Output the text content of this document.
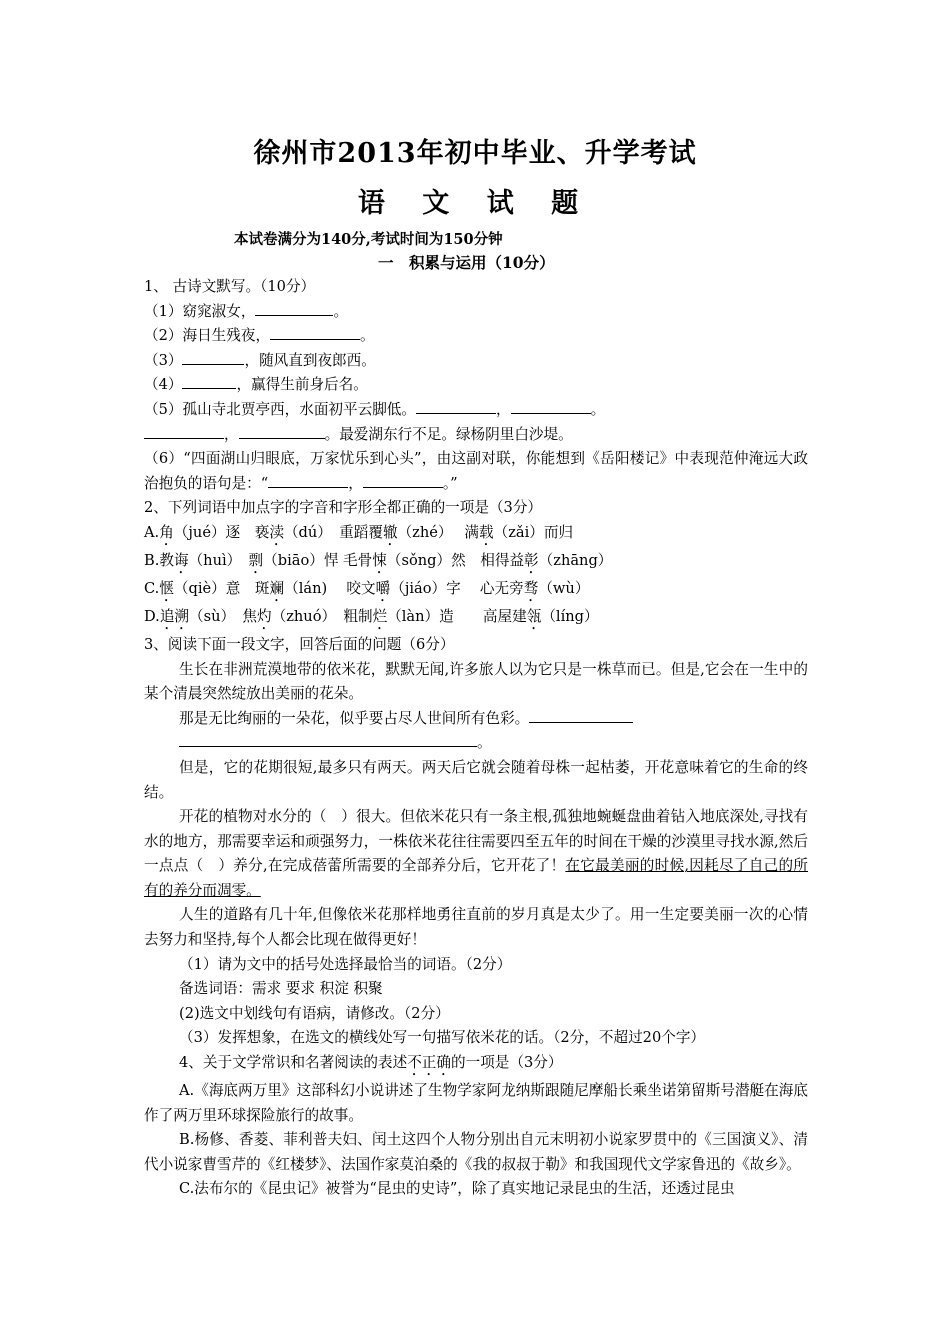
徐州市2013年初中毕业、升学考试
语 文 试 题
本试卷满分为140分,考试时间为150分钟
一　积累与运用（10分）

1、 古诗文默写。（10分）

（1）窈窕淑女，	。

（2）海日生残夜，	。

（3）	，随风直到夜郎西。

（4）	，赢得生前身后名。

（5）孤山寺北贾亭西，水面初平云脚低。	，	。

，	。最爱湖东行不足。绿杨阴里白沙堤。

（6）“四面湖山归眼底，万家忧乐到心头”，由这副对联，你能想到《岳阳楼记》中表现范仲淹远大政治抱负的语句是：“	，	。”

2、下列词语中加点字的字音和字形全都正确的一项是（3分）

A.角（jué）逐　亵渎（dú）　重蹈覆辙（zhé）　 满载（zǎi）而归

B.教诲（huì）　剽（biāo）悍 毛骨悚（sǒng）然　相得益彰（zhāng）

C.惬（qiè）意　斑斓（lán)　 咬文嚼（jiáo）字　 心无旁骛（wù）

D.追溯（sù）　焦灼（zhuó）　粗制烂（làn）造　　高屋建瓴（líng）

3、阅读下面一段文字，回答后面的问题（6分）

生长在非洲荒漠地带的依米花，默默无闻,许多旅人以为它只是一株草而已。但是,它会在一生中的某个清晨突然绽放出美丽的花朵。

那是无比绚丽的一朵花，似乎要占尽人世间所有色彩。

。

但是，它的花期很短,最多只有两天。两天后它就会随着母株一起枯萎，开花意味着它的生命的终结。

开花的植物对水分的（　）很大。但依米花只有一条主根,孤独地蜿蜒盘曲着钻入地底深处,寻找有水的地方，那需要幸运和顽强努力，一株依米花往往需要四至五年的时间在干燥的沙漠里寻找水源,然后一点点（　）养分,在完成蓓蕾所需要的全部养分后，它开花了！在它最美丽的时候,因耗尽了自己的所有的养分而凋零。

人生的道路有几十年,但像依米花那样地勇往直前的岁月真是太少了。用一生定要美丽一次的心情去努力和坚持,每个人都会比现在做得更好！

（1）请为文中的括号处选择最恰当的词语。（2分）

备选词语：需求 要求 积淀 积聚

(2)选文中划线句有语病，请修改。（2分）

（3）发挥想象，在选文的横线处写一句描写依米花的话。（2分，不超过20个字）

4、关于文学常识和名著阅读的表述不正确的一项是（3分）

A.《海底两万里》这部科幻小说讲述了生物学家阿龙纳斯跟随尼摩船长乘坐诺第留斯号潜艇在海底作了两万里环球探险旅行的故事。

B.杨修、香菱、菲利普夫妇、闰土这四个人物分别出自元末明初小说家罗贯中的《三国演义》、清代小说家曹雪芹的《红楼梦》、法国作家莫泊桑的《我的叔叔于勒》和我国现代文学家鲁迅的《故乡》。

C.法布尔的《昆虫记》被誉为“昆虫的史诗”，除了真实地记录昆虫的生活，还透过昆虫
